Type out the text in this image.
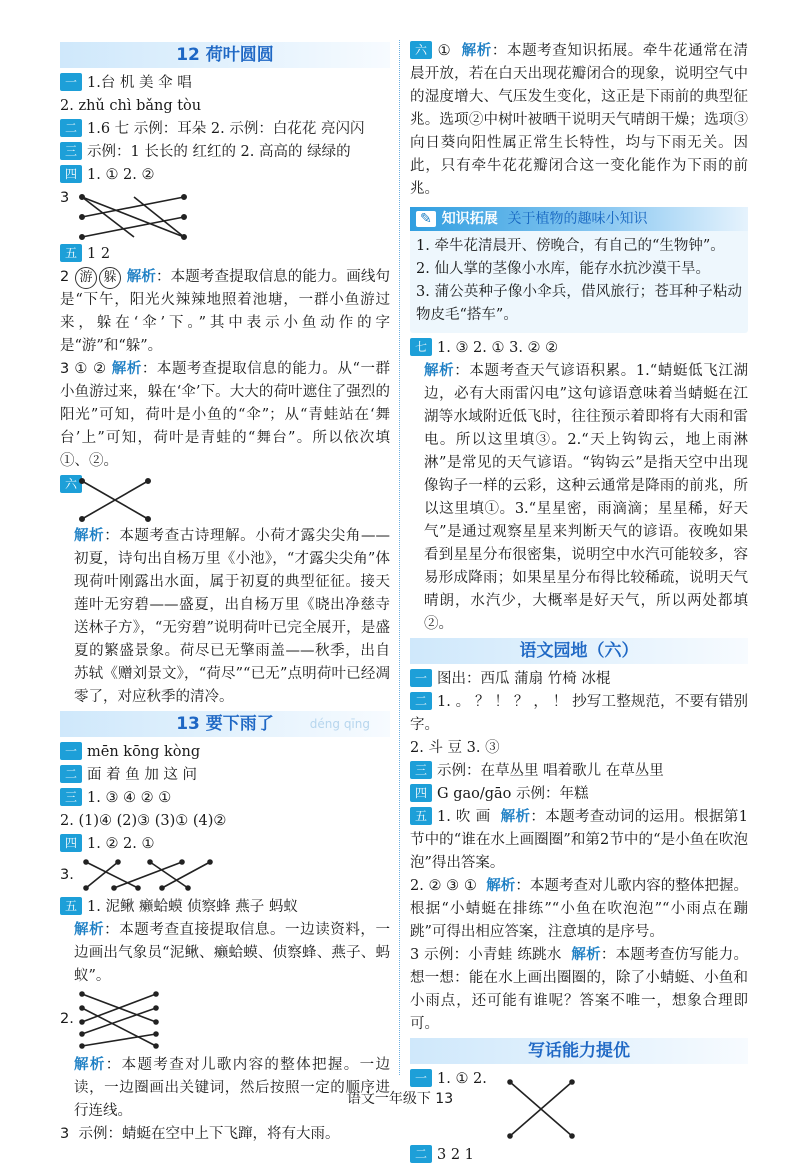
12 荷叶圆圆
一 1.台 机 美 伞 唱
2. zhǔ chì bǎng tòu
二 1.6 七 示例：耳朵 2. 示例：白花花 亮闪闪
三 示例：1 长长的 红红的 2. 高高的 绿绿的
四 1. ① 2. ②
3
五 1 2
2 游 躲 解析：本题考查提取信息的能力。画线句是“下午，阳光火辣辣地照着池塘，一群小鱼游过来，躲在‘伞’下。”其中表示小鱼动作的字是“游”和“躲”。
3 ① ② 解析：本题考查提取信息的能力。从“一群小鱼游过来，躲在‘伞’下。大大的荷叶遮住了强烈的阳光”可知，荷叶是小鱼的“伞”；从“青蛙站在‘舞台’上”可知，荷叶是青蛙的“舞台”。所以依次填①、②。
六
解析：本题考查古诗理解。小荷才露尖尖角——初夏，诗句出自杨万里《小池》，“才露尖尖角”体现荷叶刚露出水面，属于初夏的典型征征。接天莲叶无穷碧——盛夏，出自杨万里《晓出净慈寺送林子方》，“无穷碧”说明荷叶已完全展开，是盛夏的繁盛景象。荷尽已无擎雨盖——秋季，出自苏轼《赠刘景文》，“荷尽”“已无”点明荷叶已经凋零了，对应秋季的清冷。
13 要下雨了	déng qīng
一 mēn kōng kòng
二 面 着 鱼 加 这 问
三 1. ③ ④ ② ①
2. (1)④ (2)③ (3)① (4)②
四 1. ② 2. ①
3.
五 1. 泥鳅 癞蛤蟆 侦察蜂 燕子 蚂蚁
解析：本题考查直接提取信息。一边读资料，一边画出气象员“泥鳅、癞蛤蟆、侦察蜂、燕子、蚂蚁”。
2.
解析：本题考查对儿歌内容的整体把握。一边读，一边圈画出关键词，然后按照一定的顺序进行连线。
3 示例：蜻蜓在空中上下飞蹿，将有大雨。
六 ① 解析：本题考查知识拓展。牵牛花通常在清晨开放，若在白天出现花瓣闭合的现象，说明空气中的湿度增大、气压发生变化，这正是下雨前的典型征兆。选项②中树叶被晒干说明天气晴朗干燥；选项③向日葵向阳性属正常生长特性，均与下雨无关。因此，只有牵牛花花瓣闭合这一变化能作为下雨的前兆。
✎ 知识拓展 关于植物的趣味小知识
1. 牵牛花清晨开、傍晚合，有自己的“生物钟”。
2. 仙人掌的茎像小水库，能存水抗沙漠干旱。
3. 蒲公英种子像小伞兵，借风旅行；苍耳种子粘动物皮毛“搭车”。
七 1. ③ 2. ① 3. ② ②
解析：本题考查天气谚语积累。1.“蜻蜓低飞江湖边，必有大雨雷闪电”这句谚语意味着当蜻蜓在江湖等水域附近低飞时，往往预示着即将有大雨和雷电。所以这里填③。2.“天上钩钩云，地上雨淋淋”是常见的天气谚语。“钩钩云”是指天空中出现像钩子一样的云彩，这种云通常是降雨的前兆，所以这里填①。3.“星星密，雨滴滴；星星稀，好天气”是通过观察星星来判断天气的谚语。夜晚如果看到星星分布很密集，说明空中水汽可能较多，容易形成降雨；如果星星分布得比较稀疏，说明天气晴朗，水汽少，大概率是好天气，所以两处都填②。
语文园地（六）
一 图出：西瓜 蒲扇 竹椅 冰棍
二 1. 。 ？ ！ ？ ， ！ 抄写工整规范，不要有错别字。
2. 斗 豆 3. ③
三 示例：在草丛里 唱着歌儿 在草丛里
四 G gao/gāo 示例：年糕
五 1. 吹 画 解析：本题考查动词的运用。根据第1节中的“谁在水上画圈圈”和第2节中的“是小鱼在吹泡泡”得出答案。
2. ② ③ ① 解析：本题考查对儿歌内容的整体把握。根据“小蜻蜓在排练”“小鱼在吹泡泡”“小雨点在蹦跳”可得出相应答案，注意填的是序号。
3 示例：小青蛙 练跳水 解析：本题考查仿写能力。想一想：能在水上画出圈圈的，除了小蜻蜓、小鱼和小雨点，还可能有谁呢？答案不唯一，想象合理即可。
写话能力提优
一 1. ① 2.
二 3 2 1
语文一年级下 13
